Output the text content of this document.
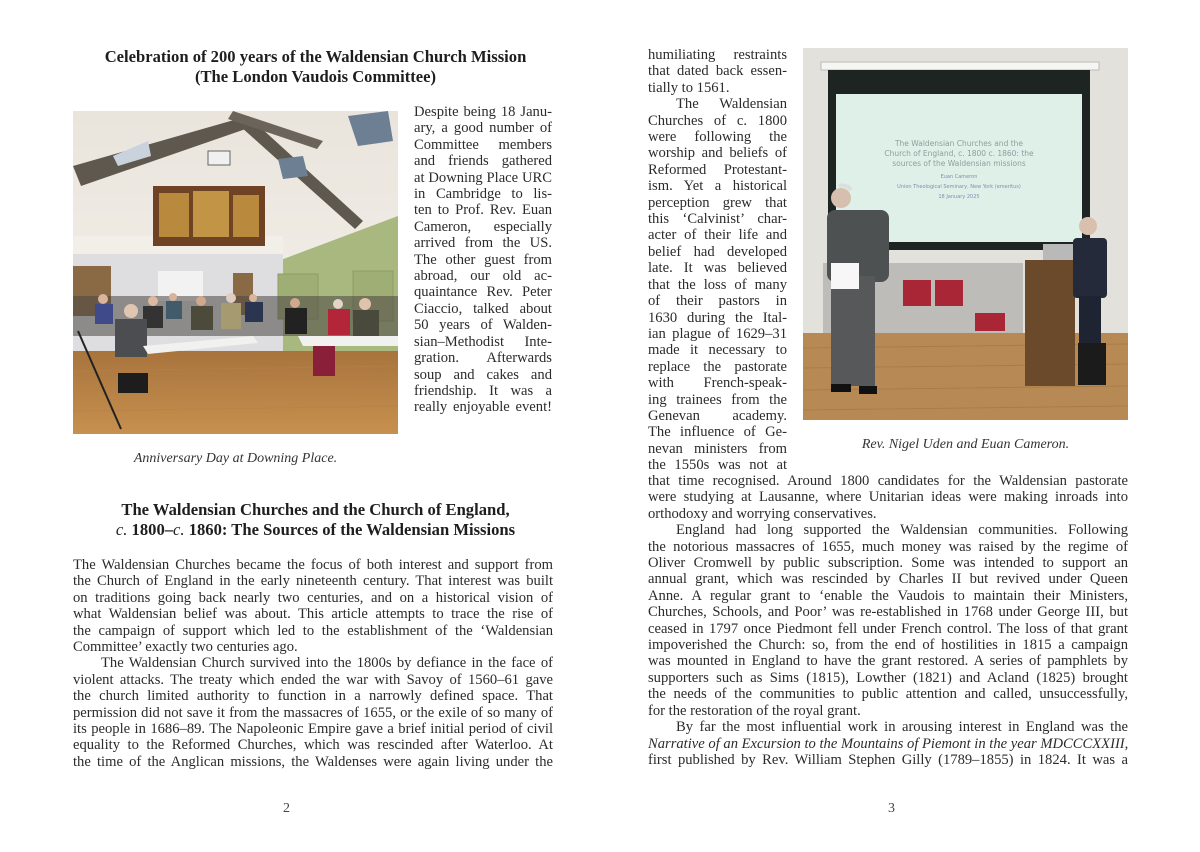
Celebration of 200 years of the Waldensian Church Mission
(The London Vaudois Committee)
Anniversary Day at Downing Place.
Despite being 18 Janu-
ary, a good number of
Committee members
and friends gathered
at Downing Place URC
in Cambridge to lis-
ten to Prof. Rev. Euan
Cameron, especially
arrived from the US.
The other guest from
abroad, our old ac-
quaintance Rev. Peter
Ciaccio, talked about
50 years of Walden-
sian–Methodist Inte-
gration. Afterwards
soup and cakes and
friendship. It was a
really enjoyable event!
The Waldensian Churches and the Church of England,
c. 1800–c. 1860: The Sources of the Waldensian Missions
The Waldensian Churches became the focus of both interest and support from
the Church of England in the early nineteenth century. That interest was built
on traditions going back nearly two centuries, and on a historical vision of
what Waldensian belief was about. This article attempts to trace the rise of
the campaign of support which led to the establishment of the ‘Waldensian
Committee’ exactly two centuries ago.
The Waldensian Church survived into the 1800s by defiance in the face of
violent attacks. The treaty which ended the war with Savoy of 1560–61 gave
the church limited authority to function in a narrowly defined space. That
permission did not save it from the massacres of 1655, or the exile of so many of
its people in 1686–89. The Napoleonic Empire gave a brief initial period of civil
equality to the Reformed Churches, which was rescinded after Waterloo. At
the time of the Anglican missions, the Waldenses were again living under the
2
humiliating restraints
that dated back essen-
tially to 1561.
The Waldensian
Churches of c. 1800
were following the
worship and beliefs of
Reformed Protestant-
ism. Yet a historical
perception grew that
this ‘Calvinist’ char-
acter of their life and
belief had developed
late. It was believed
that the loss of many
of their pastors in
1630 during the Ital-
ian plague of 1629–31
made it necessary to
replace the pastorate
with French-speak-
ing trainees from the
Genevan academy.
The influence of Ge-
nevan ministers from
the 1550s was not at
The Waldensian Churches and the
Church of England, c. 1800 c. 1860: the
sources of the Waldensian missions
Euan Cameron
Union Theological Seminary, New York (emeritus)
18 January 2025
Rev. Nigel Uden and Euan Cameron.
that time recognised. Around 1800 candidates for the Waldensian pastorate
were studying at Lausanne, where Unitarian ideas were making inroads into
orthodoxy and worrying conservatives.
England had long supported the Waldensian communities. Following
the notorious massacres of 1655, much money was raised by the regime of
Oliver Cromwell by public subscription. Some was intended to support an
annual grant, which was rescinded by Charles II but revived under Queen
Anne. A regular grant to ‘enable the Vaudois to maintain their Ministers,
Churches, Schools, and Poor’ was re-established in 1768 under George III, but
ceased in 1797 once Piedmont fell under French control. The loss of that grant
impoverished the Church: so, from the end of hostilities in 1815 a campaign
was mounted in England to have the grant restored. A series of pamphlets by
supporters such as Sims (1815), Lowther (1821) and Acland (1825) brought
the needs of the communities to public attention and called, unsuccessfully,
for the restoration of the royal grant.
By far the most influential work in arousing interest in England was the
Narrative of an Excursion to the Mountains of Piemont in the year MDCCCXXIII,
first published by Rev. William Stephen Gilly (1789–1855) in 1824. It was a
3
